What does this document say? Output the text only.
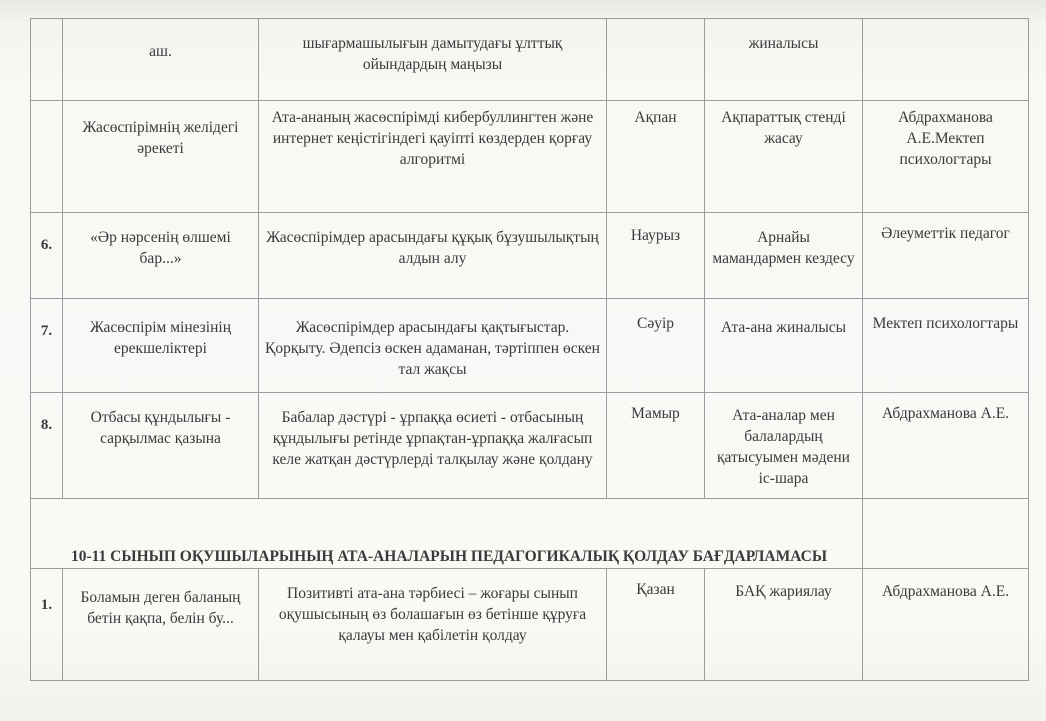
	аш.	шығармашылығын дамытудағы ұлттық ойындардың маңызы		жиналысы	
	Жасөспірімнің желідегі әрекеті	Ата-ананың жасөспірімді кибербуллингтен және интернет кеңістігіндегі қауіпті көздерден қорғау алгоритмі	Ақпан	Ақпараттық стенді жасау	Абдрахманова А.Е.Мектеп психологтары
6.	«Әр нәрсенің өлшемі бар...»	Жасөспірімдер арасындағы құқық бұзушылықтың алдын алу	Наурыз	Арнайы мамандармен кездесу	Әлеуметтік педагог
7.	Жасөспірім мінезінің ерекшеліктері	Жасөспірімдер арасындағы қақтығыстар. Қорқыту. Әдепсіз өскен адаманан, тәртіппен өскен тал жақсы	Сәуір	Ата-ана жиналысы	Мектеп психологтары
8.	Отбасы құндылығы - сарқылмас қазына	Бабалар дәстүрі - ұрпаққа өсиеті - отбасының құндылығы ретінде ұрпақтан-ұрпаққа жалғасып келе жатқан дәстүрлерді талқылау және қолдану	Мамыр	Ата-аналар мен балалардың қатысуымен мәдени іс-шара	Абдрахманова А.Е.
10-11 СЫНЫП ОҚУШЫЛАРЫНЫҢ АТА-АНАЛАРЫН ПЕДАГОГИКАЛЫҚ ҚОЛДАУ БАҒДАРЛАМАСЫ					
1.	Боламын деген баланың бетін қақпа, белін бу...	Позитивті ата-ана тәрбиесі – жоғары сынып оқушысының өз болашағын өз бетінше құруға қалауы мен қабілетін қолдау	Қазан	БАҚ жариялау	Абдрахманова А.Е.
